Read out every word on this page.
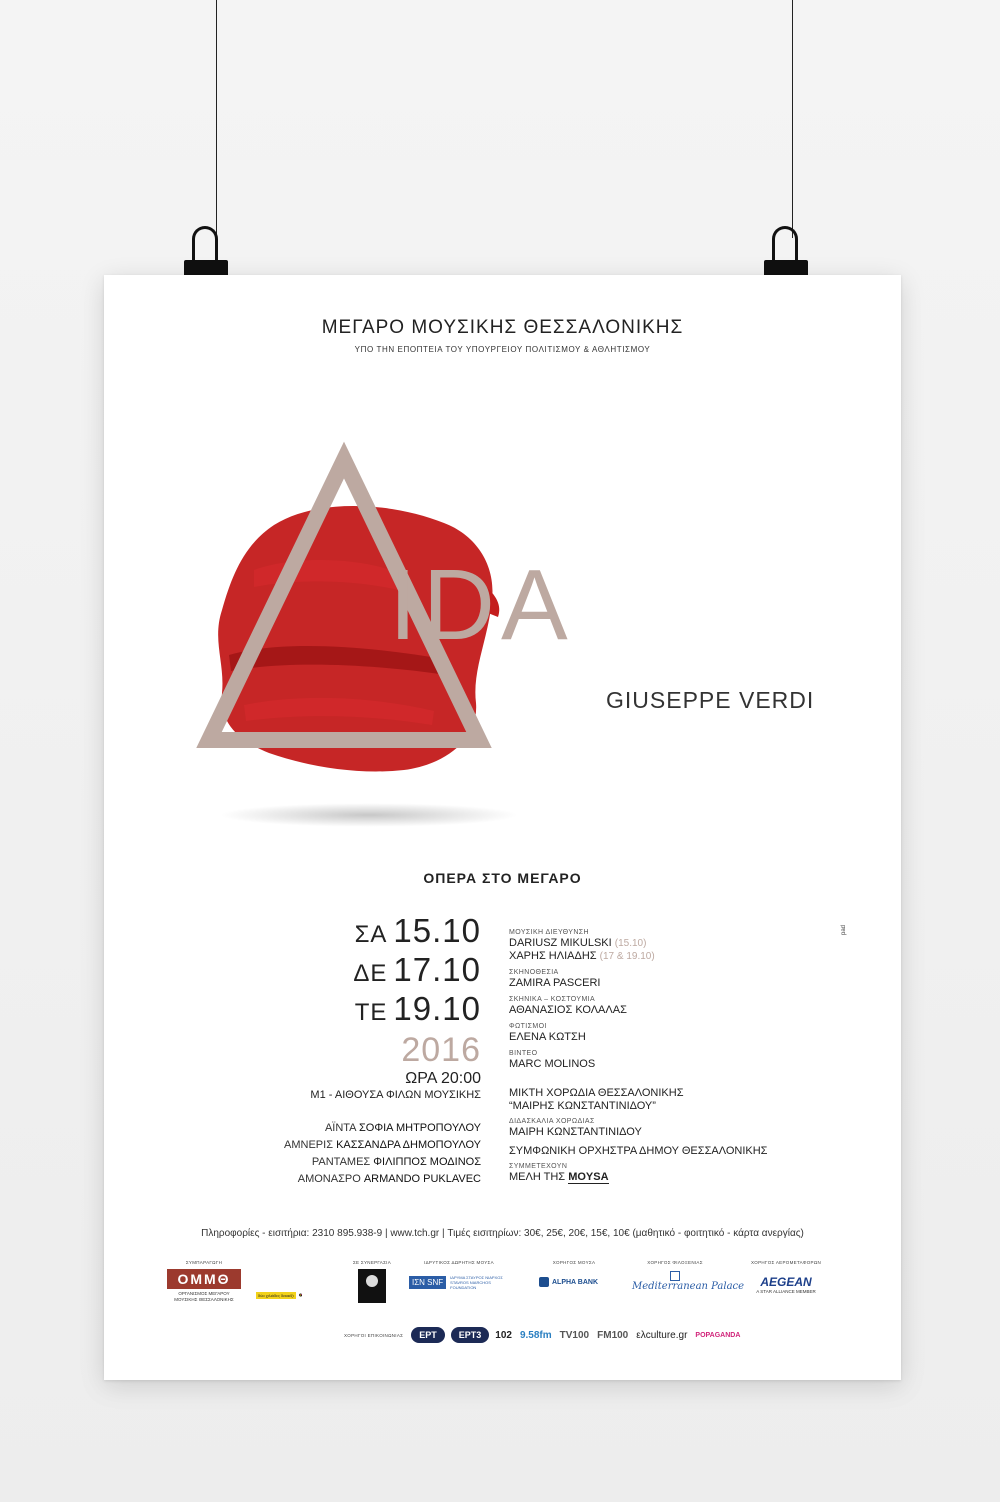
ΜΕΓΑΡΟ ΜΟΥΣΙΚΗΣ ΘΕΣΣΑΛΟΝΙΚΗΣ
ΥΠΟ ΤΗΝ ΕΠΟΠΤΕΙΑ ΤΟΥ ΥΠΟΥΡΓΕΙΟΥ ΠΟΛΙΤΙΣΜΟΥ & ΑΘΛΗΤΙΣΜΟΥ
IDA
GIUSEPPE VERDI
ΟΠΕΡΑ ΣΤΟ ΜΕΓΑΡΟ
ΣΑ 15.10
ΔΕ 17.10
ΤΕ 19.10
2016
ΩΡΑ 20:00
Μ1 - ΑΙΘΟΥΣΑ ΦΙΛΩΝ ΜΟΥΣΙΚΗΣ
ΑΪΝΤΑ ΣΟΦΙΑ ΜΗΤΡΟΠΟΥΛΟΥ
ΑΜΝΕΡΙΣ ΚΑΣΣΑΝΔΡΑ ΔΗΜΟΠΟΥΛΟΥ
ΡΑΝΤΑΜΕΣ ΦΙΛΙΠΠΟΣ ΜΟΔΙΝΟΣ
ΑΜΟΝΑΣΡΟ ARMANDO PUKLAVEC
ΜΟΥΣΙΚΗ ΔΙΕΥΘΥΝΣΗ
DARIUSZ MIKULSKI (15.10)
ΧΑΡΗΣ ΗΛΙΑΔΗΣ (17 & 19.10)
ΣΚΗΝΟΘΕΣΙΑ
ZAMIRA PASCERI
ΣΚΗΝΙΚΑ – ΚΟΣΤΟΥΜΙΑ
ΑΘΑΝΑΣΙΟΣ ΚΟΛΑΛΑΣ
ΦΩΤΙΣΜΟΙ
ΕΛΕΝΑ ΚΩΤΣΗ
ΒΙΝΤΕΟ
MARC MOLINOS
ΜΙΚΤΗ ΧΟΡΩΔΙΑ ΘΕΣΣΑΛΟΝΙΚΗΣ
“ΜΑΙΡΗΣ ΚΩΝΣΤΑΝΤΙΝΙΔΟΥ”
ΔΙΔΑΣΚΑΛΙΑ ΧΟΡΩΔΙΑΣ
ΜΑΙΡΗ ΚΩΝΣΤΑΝΤΙΝΙΔΟΥ
ΣΥΜΦΩΝΙΚΗ ΟΡΧΗΣΤΡΑ ΔΗΜΟΥ ΘΕΣΣΑΛΟΝΙΚΗΣ
ΣΥΜΜΕΤΕΧΟΥΝ
ΜΕΛΗ ΤΗΣ MOYSA
pad
Πληροφορίες - εισιτήρια: 2310 895.938-9 | www.tch.gr | Τιμές εισιτηρίων: 30€, 25€, 20€, 15€, 10€ (μαθητικό - φοιτητικό - κάρτα ανεργίας)
ΣΥΜΠΑΡΑΓΩΓΗ
ΟΜΜΘ
ΟΡΓΑΝΙΣΜΟΣ ΜΕΓΑΡΟΥ ΜΟΥΣΙΚΗΣ ΘΕΣΣΑΛΟΝΙΚΗΣ
δύο χιλιάδες δεκαέξι
ΣΕ ΣΥΝΕΡΓΑΣΙΑ	ΙΔΡΥΤΙΚΟΣ ΔΩΡΗΤΗΣ ΜΟΥΣΑ
ΙΣΝ SNF
ΙΔΡΥΜΑ ΣΤΑΥΡΟΣ ΝΙΑΡΧΟΣ STAVROS NIARCHOS FOUNDATION
ΧΟΡΗΓΟΣ ΜΟΥΣΑ
ALPHA BANK
ΧΟΡΗΓΟΣ ΦΙΛΟΞΕΝΙΑΣ
Mediterranean Palace
ΧΟΡΗΓΟΣ ΑΕΡΟΜΕΤΑΦΟΡΩΝ
AEGEAN
A STAR ALLIANCE MEMBER
ΧΟΡΗΓΟΙ ΕΠΙΚΟΙΝΩΝΙΑΣ	ΕΡΤ	ΕΡΤ3	102 9.58fm TV100 FM100 ελculture.gr POPAGANDA
